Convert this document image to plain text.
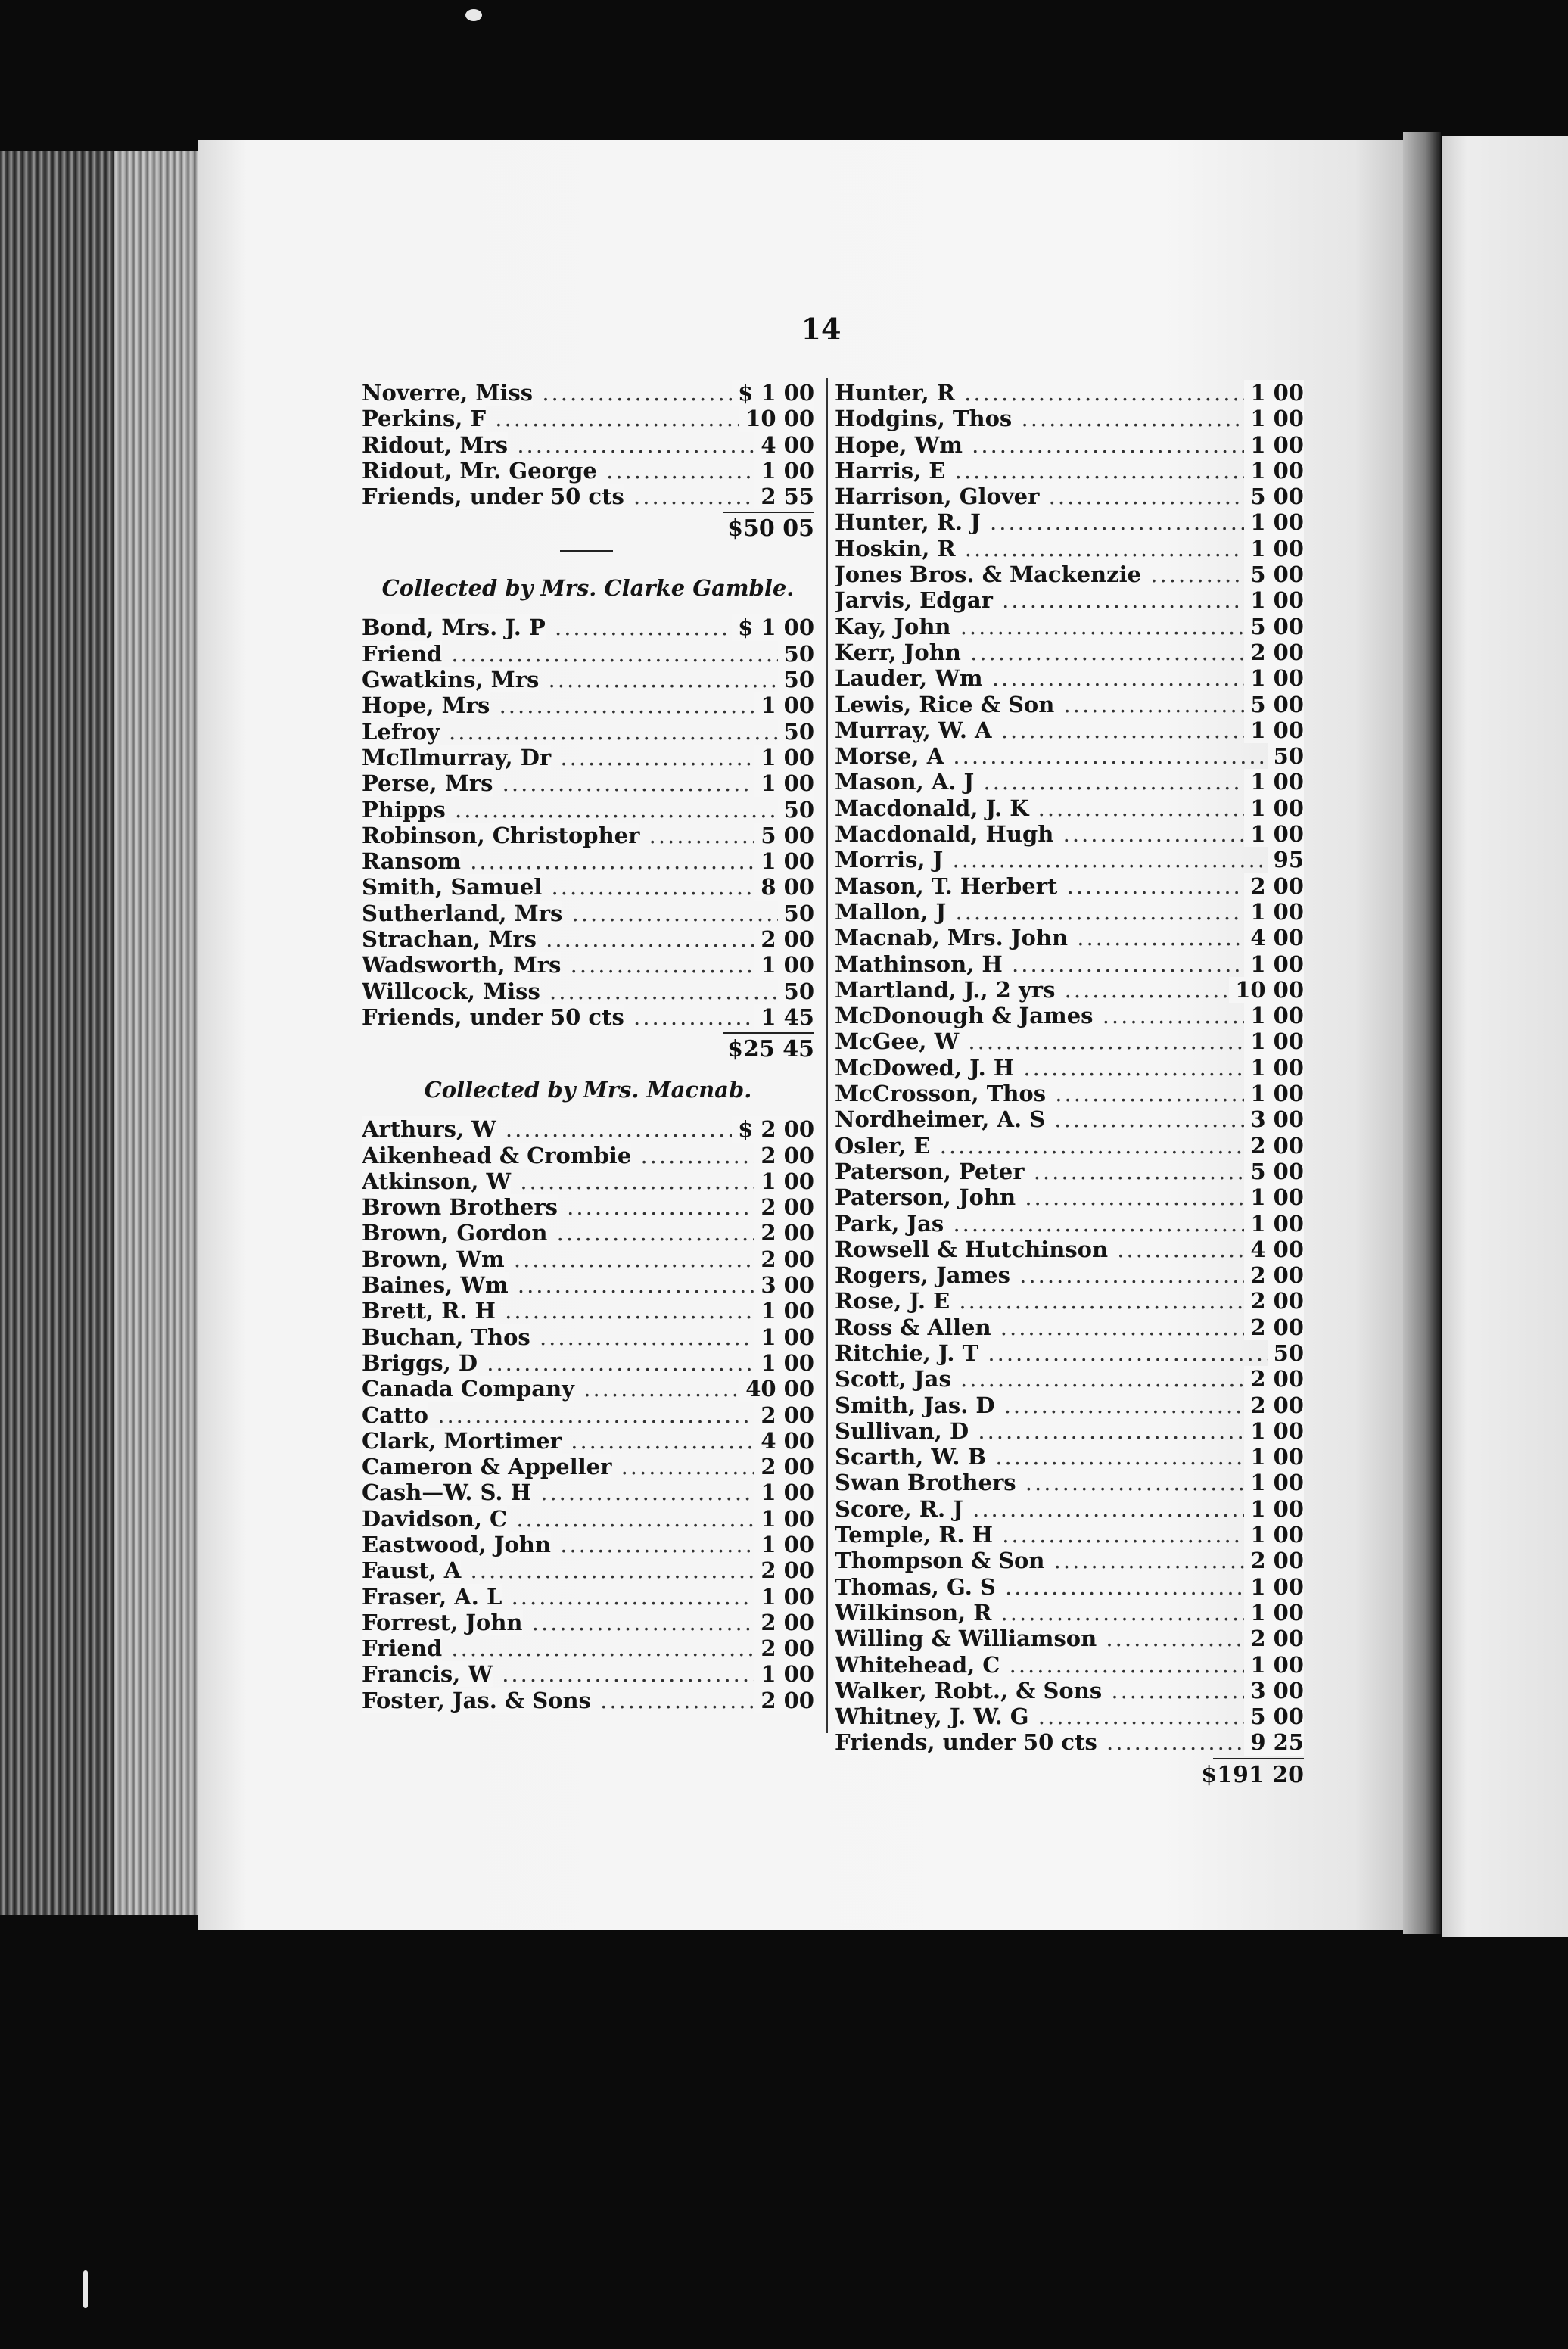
14
Noverre, Miss .....	$ 1 00
Perkins, F .....	10 00
Ridout, Mrs .....	4 00
Ridout, Mr. George .....	1 00
Friends, under 50 cts .....	2 55
$50 05
Collected by Mrs. Clarke Gamble.
Bond, Mrs. J. P .....	$ 1 00
Friend .....	50
Gwatkins, Mrs .....	50
Hope, Mrs .....	1 00
Lefroy .....	50
McIlmurray, Dr .....	1 00
Perse, Mrs .....	1 00
Phipps .....	50
Robinson, Christopher .....	5 00
Ransom .....	1 00
Smith, Samuel .....	8 00
Sutherland, Mrs .....	50
Strachan, Mrs .....	2 00
Wadsworth, Mrs .....	1 00
Willcock, Miss .....	50
Friends, under 50 cts .....	1 45
$25 45
Collected by Mrs. Macnab.
Arthurs, W .....	$ 2 00
Aikenhead & Crombie .....	2 00
Atkinson, W .....	1 00
Brown Brothers .....	2 00
Brown, Gordon .....	2 00
Brown, Wm .....	2 00
Baines, Wm .....	3 00
Brett, R. H .....	1 00
Buchan, Thos .....	1 00
Briggs, D .....	1 00
Canada Company .....	40 00
Catto .....	2 00
Clark, Mortimer .....	4 00
Cameron & Appeller .....	2 00
Cash—W. S. H .....	1 00
Davidson, C .....	1 00
Eastwood, John .....	1 00
Faust, A .....	2 00
Fraser, A. L .....	1 00
Forrest, John .....	2 00
Friend .....	2 00
Francis, W .....	1 00
Foster, Jas. & Sons .....	2 00
Hunter, R .....	1 00
Hodgins, Thos .....	1 00
Hope, Wm .....	1 00
Harris, E .....	1 00
Harrison, Glover .....	5 00
Hunter, R. J .....	1 00
Hoskin, R .....	1 00
Jones Bros. & Mackenzie .....	5 00
Jarvis, Edgar .....	1 00
Kay, John .....	5 00
Kerr, John .....	2 00
Lauder, Wm .....	1 00
Lewis, Rice & Son .....	5 00
Murray, W. A .....	1 00
Morse, A .....	50
Mason, A. J .....	1 00
Macdonald, J. K .....	1 00
Macdonald, Hugh .....	1 00
Morris, J .....	95
Mason, T. Herbert .....	2 00
Mallon, J .....	1 00
Macnab, Mrs. John .....	4 00
Mathinson, H .....	1 00
Martland, J., 2 yrs .....	10 00
McDonough & James .....	1 00
McGee, W .....	1 00
McDowed, J. H .....	1 00
McCrosson, Thos .....	1 00
Nordheimer, A. S .....	3 00
Osler, E .....	2 00
Paterson, Peter .....	5 00
Paterson, John .....	1 00
Park, Jas .....	1 00
Rowsell & Hutchinson .....	4 00
Rogers, James .....	2 00
Rose, J. E .....	2 00
Ross & Allen .....	2 00
Ritchie, J. T .....	50
Scott, Jas .....	2 00
Smith, Jas. D .....	2 00
Sullivan, D .....	1 00
Scarth, W. B .....	1 00
Swan Brothers .....	1 00
Score, R. J .....	1 00
Temple, R. H .....	1 00
Thompson & Son .....	2 00
Thomas, G. S .....	1 00
Wilkinson, R .....	1 00
Willing & Williamson .....	2 00
Whitehead, C .....	1 00
Walker, Robt., & Sons .....	3 00
Whitney, J. W. G .....	5 00
Friends, under 50 cts .....	9 25
$191 20
